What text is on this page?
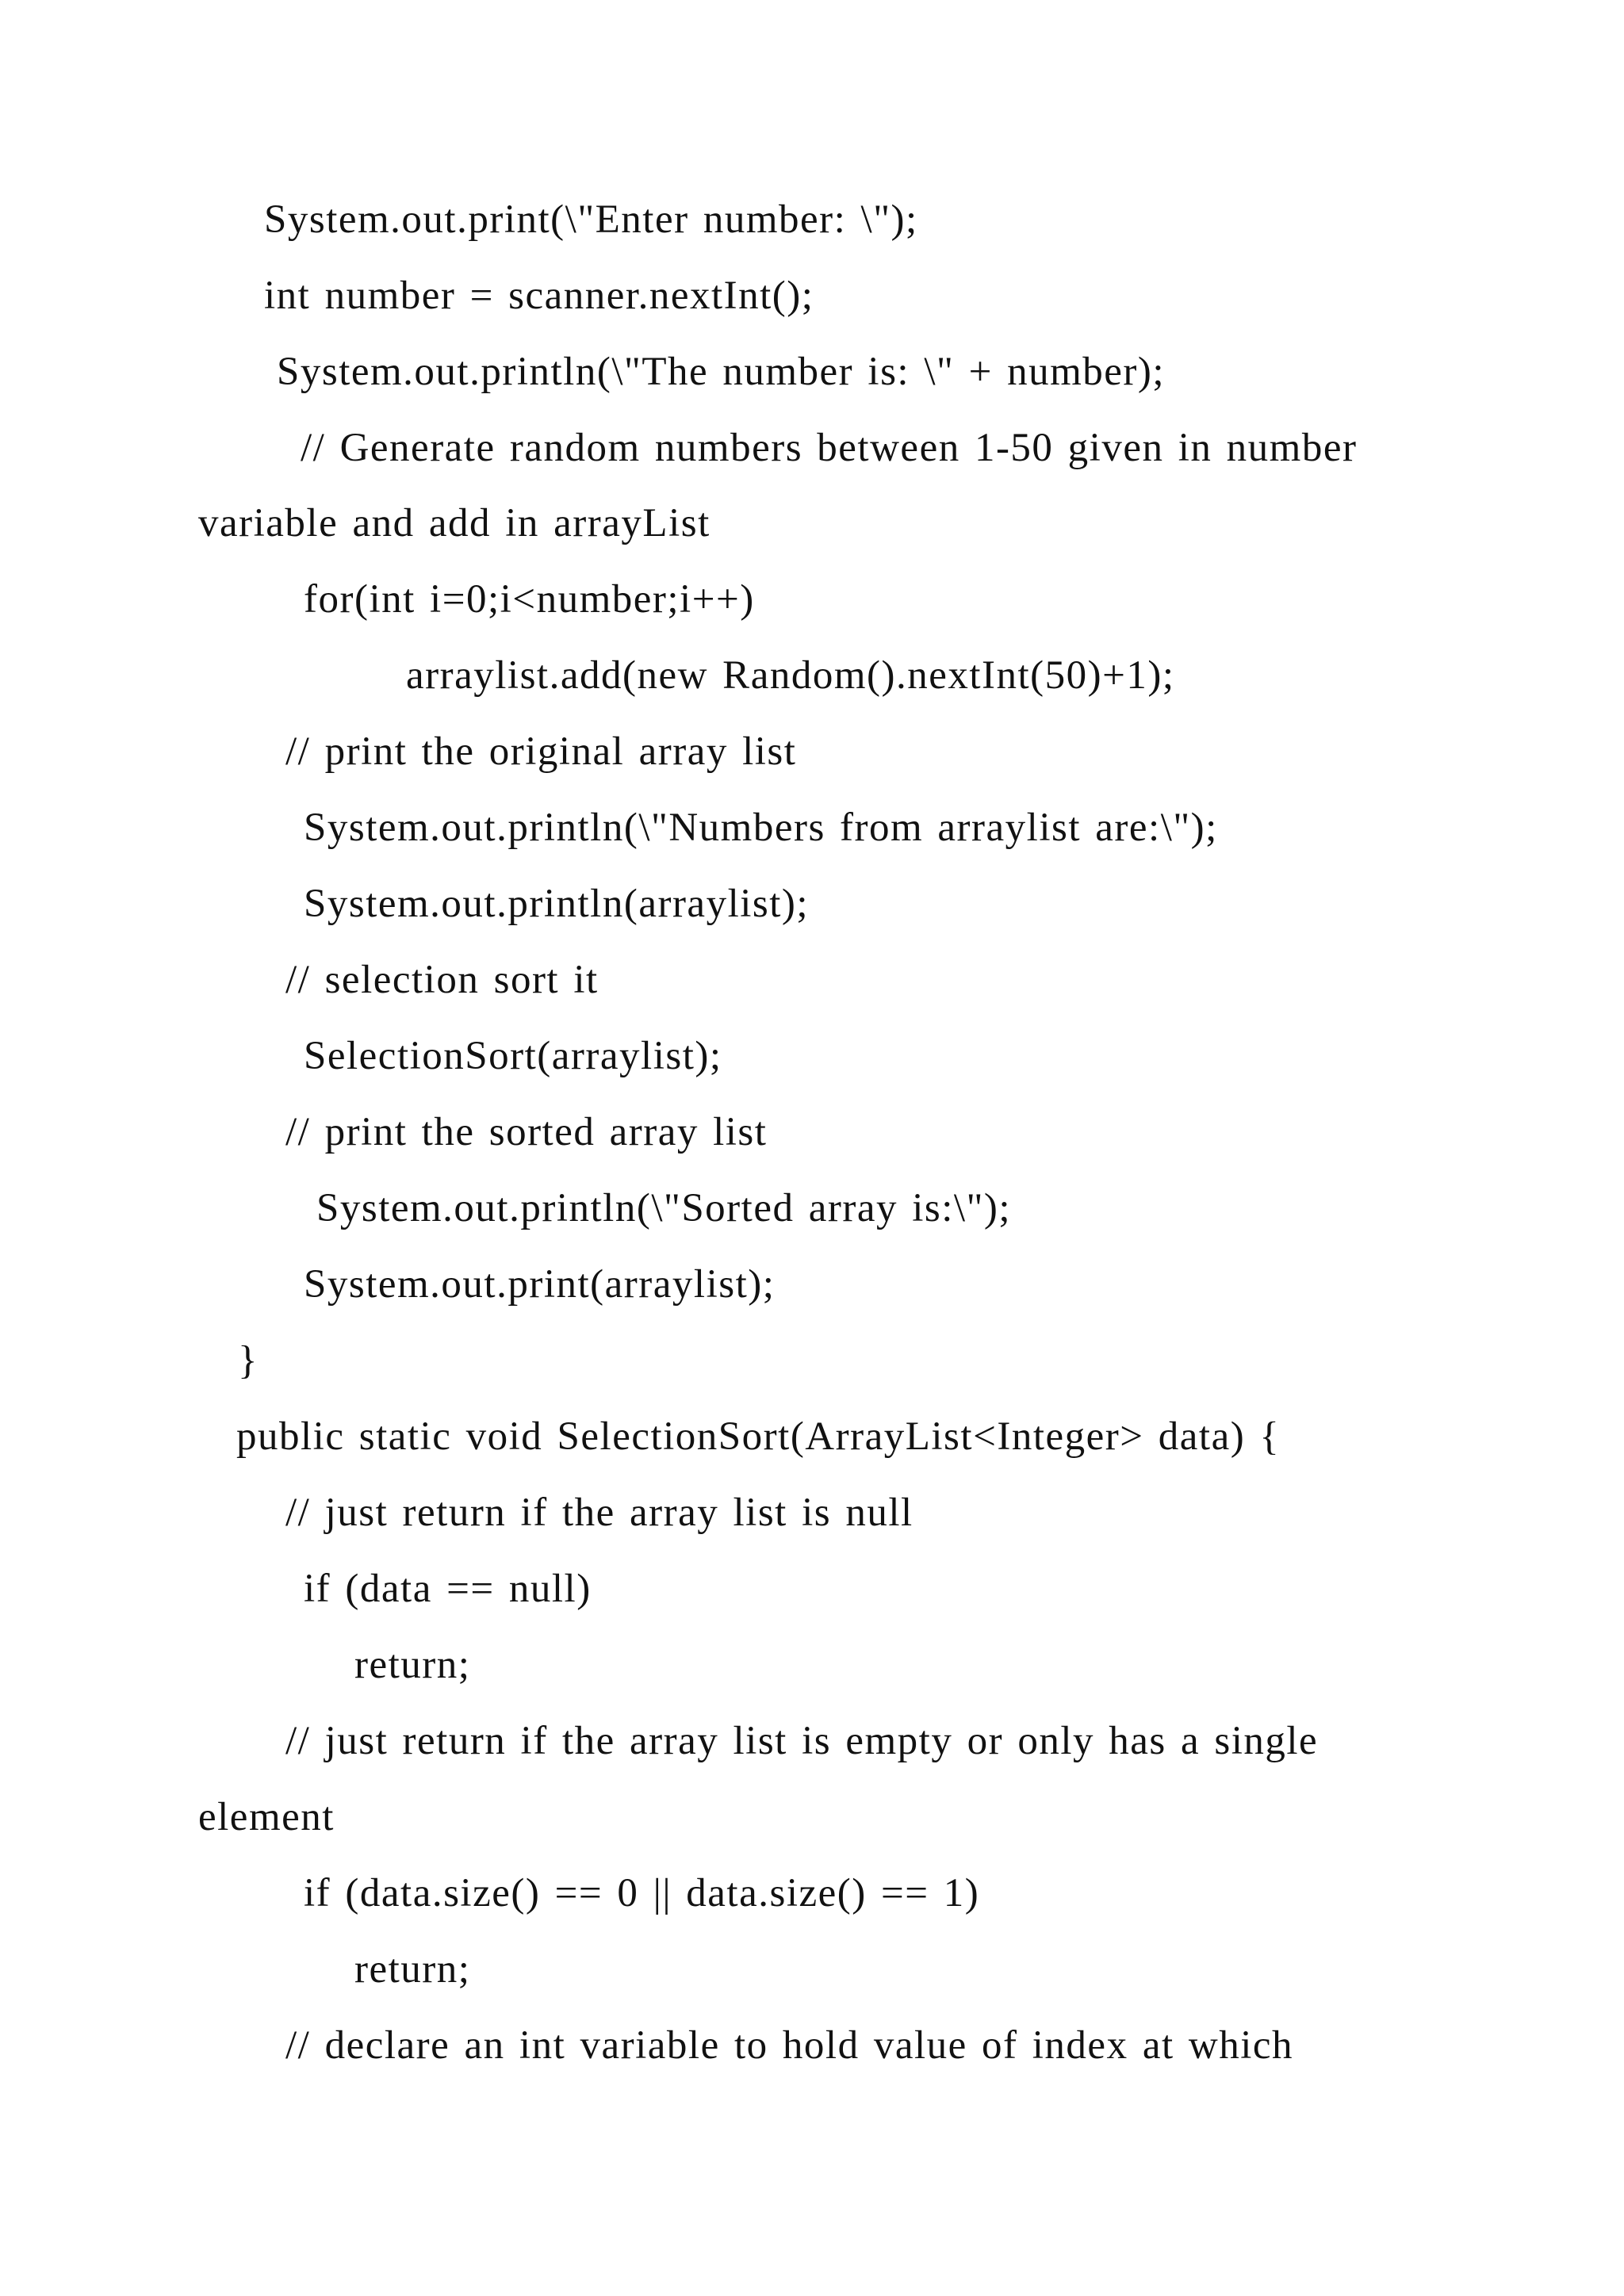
System.out.print(\"Enter number: \");

int number = scanner.nextInt();

System.out.println(\"The number is: \" + number);

// Generate random numbers between 1-50 given in number

variable and add in arrayList

for(int i=0;i<number;i++)

arraylist.add(new Random().nextInt(50)+1);

// print the original array list

System.out.println(\"Numbers from arraylist are:\");

System.out.println(arraylist);

// selection sort it

SelectionSort(arraylist);

// print the sorted array list

System.out.println(\"Sorted array is:\");

System.out.print(arraylist);

}

public static void SelectionSort(ArrayList<Integer> data) {

// just return if the array list is null

if (data == null)

return;

// just return if the array list is empty or only has a single

element

if (data.size() == 0 || data.size() == 1)

return;

// declare an int variable to hold value of index at which
